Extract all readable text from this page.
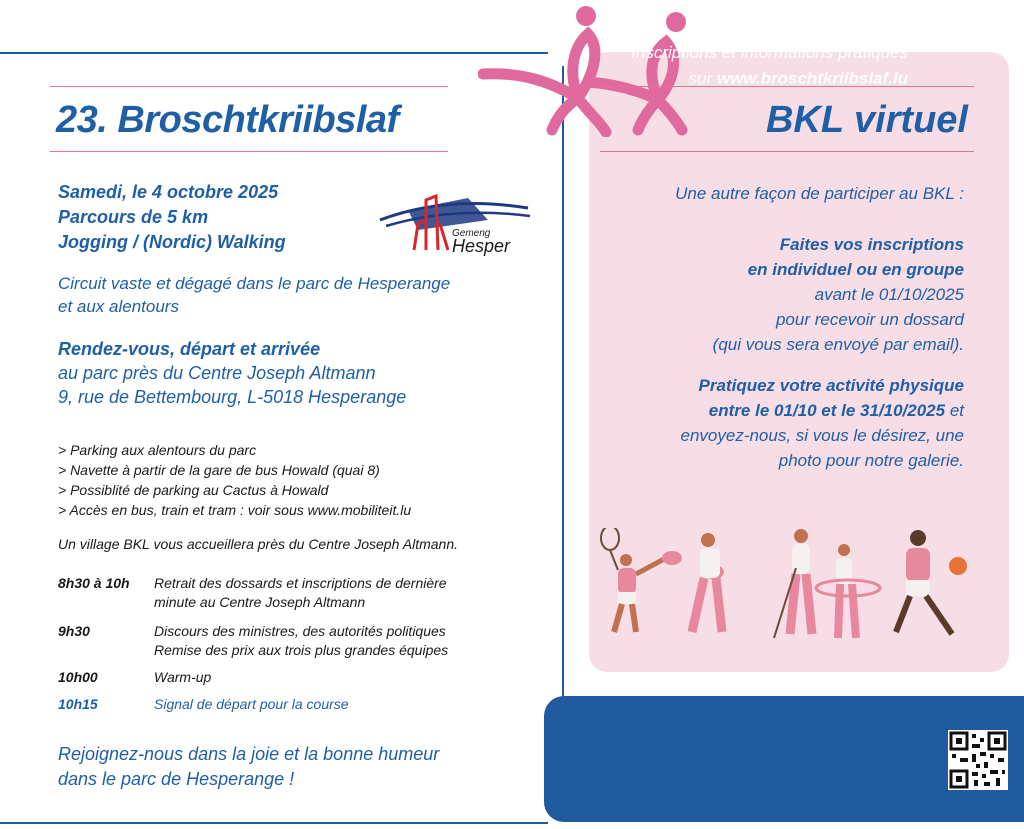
23. Broschtkriibslaf	BKL virtuel
Samedi, le 4 octobre 2025
Parcours de 5 km
Jogging / (Nordic) Walking	Gemeng
Hesper
Circuit vaste et dégagé dans le parc de Hesperange
et aux alentours
Rendez-vous, départ et arrivée
au parc près du Centre Joseph Altmann
9, rue de Bettembourg, L-5018 Hesperange
> Parking aux alentours du parc
> Navette à partir de la gare de bus Howald (quai 8)
> Possiblité de parking au Cactus à Howald
> Accès en bus, train et tram : voir sous www.mobiliteit.lu
Un village BKL vous accueillera près du Centre Joseph Altmann.
8h30 à 10h Retrait des dossards et inscriptions de dernière
minute au Centre Joseph Altmann
9h30	Discours des ministres, des autorités politiques
Remise des prix aux trois plus grandes équipes
10h00	Warm-up
10h15	Signal de départ pour la course
Rejoignez-nous dans la joie et la bonne humeur
dans le parc de Hesperange !
Une autre façon de participer au BKL :
Faites vos inscriptions
en individuel ou en groupe
avant le 01/10/2025
pour recevoir un dossard
(qui vous sera envoyé par email).
Pratiquez votre activité physique
entre le 01/10 et le 31/10/2025 et
envoyez-nous, si vous le désirez, une
photo pour notre galerie.
Inscriptions et informations pratiques
sur www.broschtkriibslaf.lu
